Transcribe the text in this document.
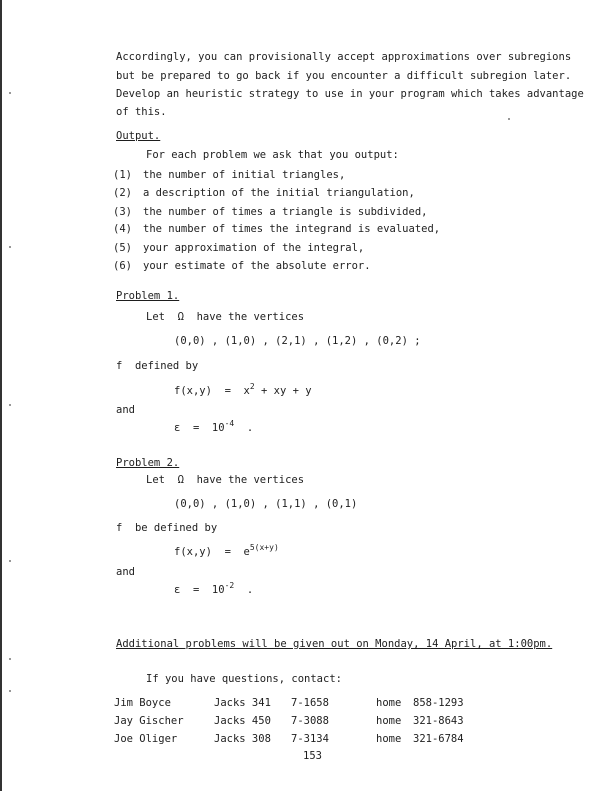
Accordingly, you can provisionally accept approximations over subregions
but be prepared to go back if you encounter a difficult subregion later.
Develop an heuristic strategy to use in your program which takes advantage
of this.
Output.
For each problem we ask that you output:
(1) the number of initial triangles,
(2) a description of the initial triangulation,
(3) the number of times a triangle is subdivided,
(4) the number of times the integrand is evaluated,
(5) your approximation of the integral,
(6) your estimate of the absolute error.
Problem 1.
Let  Ω  have the vertices
(0,0) , (1,0) , (2,1) , (1,2) , (0,2) ;
f  defined by
$f(x,y) = x^2$ + xy + y
and
$\varepsilon = 10^{-4}$  .
Problem 2.
Let  Ω  have the vertices
(0,0) , (1,0) , (1,1) , (0,1)
f  be defined by
$f(x,y) = e^{5(x+y)}$
and
$\varepsilon = 10^{-2}$  .
Additional problems will be given out on Monday, 14 April, at 1:00pm.
If you have questions, contact:
Jim Boyce	Jacks 341 7-1658	home 858-1293
Jay Gischer	Jacks 450 7-3088	home 321-8643
Joe Oliger	Jacks 308 7-3134	home 321-6784
153
